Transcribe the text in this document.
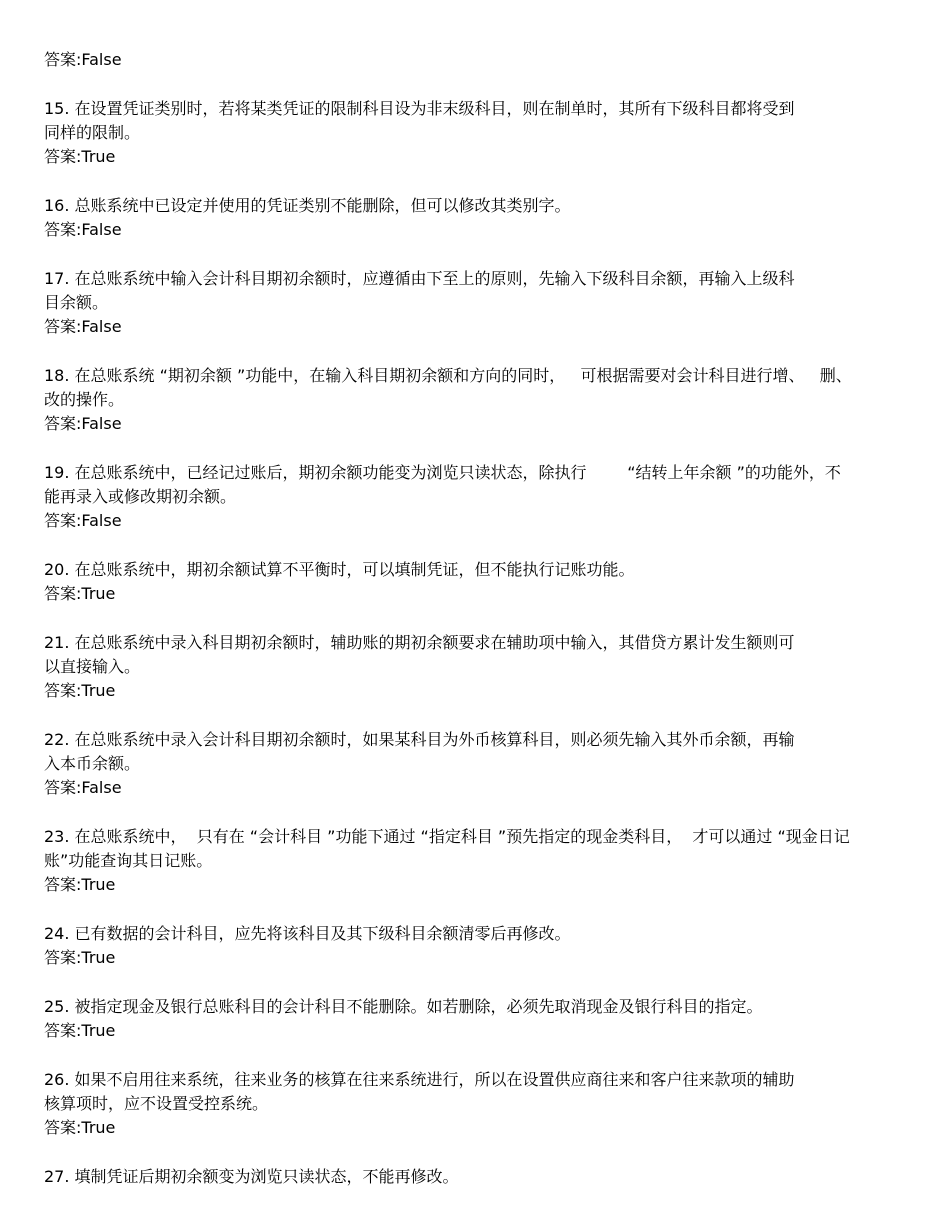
答案:False
15. 在设置凭证类别时，若将某类凭证的限制科目设为非末级科目，则在制单时，其所有下级科目都将受到
同样的限制。
答案:True
16. 总账系统中已设定并使用的凭证类别不能删除，但可以修改其类别字。
答案:False
17. 在总账系统中输入会计科目期初余额时，应遵循由下至上的原则，先输入下级科目余额，再输入上级科
目余额。
答案:False
18. 在总账系统 “期初余额 ”功能中，在输入科目期初余额和方向的同时，   可根据需要对会计科目进行增、   删、
改的操作。
答案:False
19. 在总账系统中，已经记过账后，期初余额功能变为浏览只读状态，除执行        “结转上年余额 ”的功能外，不
能再录入或修改期初余额。
答案:False
20. 在总账系统中，期初余额试算不平衡时，可以填制凭证，但不能执行记账功能。
答案:True
21. 在总账系统中录入科目期初余额时，辅助账的期初余额要求在辅助项中输入，其借贷方累计发生额则可
以直接输入。
答案:True
22. 在总账系统中录入会计科目期初余额时，如果某科目为外币核算科目，则必须先输入其外币余额，再输
入本币余额。
答案:False
23. 在总账系统中，  只有在 “会计科目 ”功能下通过 “指定科目 ”预先指定的现金类科目，  才可以通过 “现金日记
账”功能查询其日记账。
答案:True
24. 已有数据的会计科目，应先将该科目及其下级科目余额清零后再修改。
答案:True
25. 被指定现金及银行总账科目的会计科目不能删除。如若删除，必须先取消现金及银行科目的指定。
答案:True
26. 如果不启用往来系统，往来业务的核算在往来系统进行，所以在设置供应商往来和客户往来款项的辅助
核算项时，应不设置受控系统。
答案:True
27. 填制凭证后期初余额变为浏览只读状态，不能再修改。
